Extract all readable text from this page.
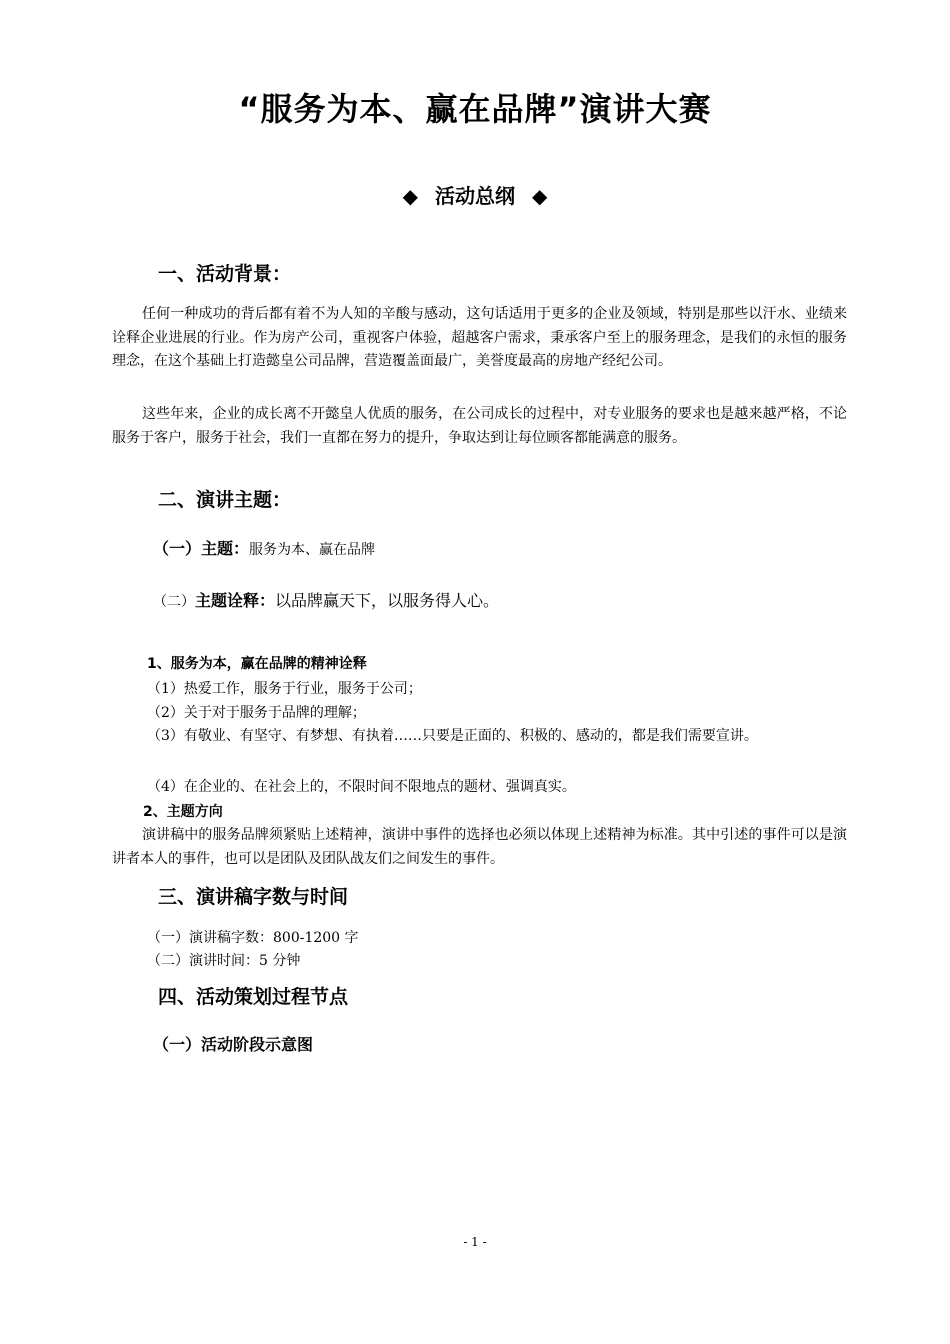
“服务为本、赢在品牌”演讲大赛
◆ 活动总纲 ◆
一、活动背景：
任何一种成功的背后都有着不为人知的辛酸与感动，这句话适用于更多的企业及领域，特别是那些以汗水、业绩来诠释企业进展的行业。作为房产公司，重视客户体验，超越客户需求，秉承客户至上的服务理念，是我们的永恒的服务理念，在这个基础上打造懿皇公司品牌，营造覆盖面最广，美誉度最高的房地产经纪公司。
这些年来，企业的成长离不开懿皇人优质的服务，在公司成长的过程中，对专业服务的要求也是越来越严格，不论服务于客户，服务于社会，我们一直都在努力的提升，争取达到让每位顾客都能满意的服务。
二、演讲主题：
（一）主题：服务为本、赢在品牌
（二）主题诠释：以品牌赢天下，以服务得人心。
1、服务为本，赢在品牌的精神诠释
（1）热爱工作，服务于行业，服务于公司；
（2）关于对于服务于品牌的理解；
（3）有敬业、有坚守、有梦想、有执着……只要是正面的、积极的、感动的，都是我们需要宣讲。
（4）在企业的、在社会上的，不限时间不限地点的题材、强调真实。
2、主题方向
演讲稿中的服务品牌须紧贴上述精神，演讲中事件的选择也必须以体现上述精神为标准。其中引述的事件可以是演讲者本人的事件，也可以是团队及团队战友们之间发生的事件。
三、演讲稿字数与时间
（一）演讲稿字数：800-1200 字
（二）演讲时间：5 分钟
四、活动策划过程节点
（一）活动阶段示意图
- 1 -
